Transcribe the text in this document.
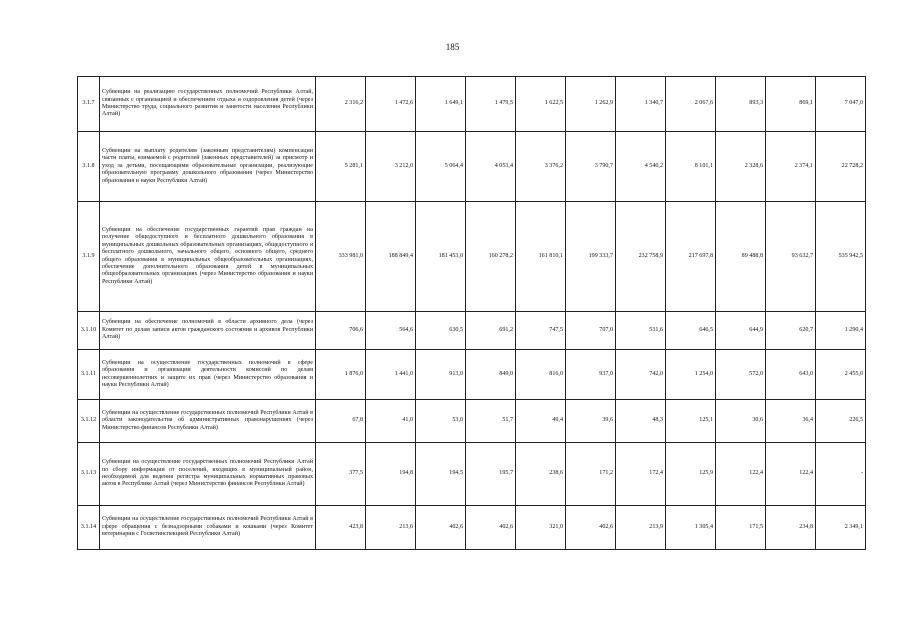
185
3.1.7	Субвенции на реализацию государственных полномочий Республики Алтай, связанных с организацией и обеспечением отдыха и оздоровления детей (через Министерство труда, социального развития и занятости населения Республики Алтай)	2 316,2	1 472,6	1 649,1	1 479,5	1 622,5	1 262,9	1 340,7	2 067,6	893,3	869,1	7 047,0
3.1.8	Субвенции на выплату родителям (законным представителям) компенсации части платы, взимаемой с родителей (законных представителей) за присмотр и уход за детьми, посещающими образовательные организации, реализующие образовательную программу дошкольного образования (через Министерство образования и науки Республики Алтай)	5 281,1	3 212,0	5 064,4	4 053,4	3 376,2	3 790,7	4 540,2	8 101,1	2 328,6	2 374,1	22 728,2
3.1.9	Субвенции на обеспечение государственных гарантий прав граждан на получение общедоступного и бесплатного дошкольного образования в муниципальных дошкольных образовательных организациях, общедоступного и бесплатного дошкольного, начального общего, основного общего, среднего общего образования в муниципальных общеобразовательных организациях, обеспечение дополнительного образования детей в муниципальных общеобразовательных организациях (через Министерство образования и науки Республики Алтай)	333 981,0	188 849,4	181 453,0	160 278,2	161 810,1	199 333,7	232 758,9	217 697,8	89 488,8	93 632,7	535 942,5
3.1.10	Субвенции на обеспечение полномочий в области архивного дела (через Комитет по делам записи актов гражданского состояния и архивов Республики Алтай)	706,6	564,6	630,5	691,2	747,5	707,0	531,6	646,5	644,9	620,7	1 290,4
3.1.11	Субвенции на осуществление государственных полномочий в сфере образования и организации деятельности комиссий по делам несовершеннолетних и защите их прав (через Министерство образования и науки Республики Алтай)	1 876,0	1 441,0	913,0	849,0	816,0	937,0	742,0	1 254,0	572,0	643,0	2 455,0
3.1.12	Субвенции на осуществление государственных полномочий Республики Алтай в области законодательства об административных правонарушениях (через Министерство финансов Республики Алтай)	67,8	41,0	53,0	51,7	49,4	39,6	48,3	125,1	30,6	36,4	226,5
3.1.13	Субвенции на осуществление государственных полномочий Республики Алтай по сбору информации от поселений, входящих в муниципальный район, необходимой для ведения регистра муниципальных нормативных правовых актов в Республике Алтай (через Министерство финансов Республики Алтай)	377,5	194,8	194,5	195,7	238,6	171,2	172,4	125,9	122,4	122,4	-
3.1.14	Субвенции на осуществление государственных полномочий Республики Алтай в сфере обращения с безнадзорными собаками и кошками (через Комитет ветеринарии с Госветинспекцией Республики Алтай)	423,8	213,6	402,6	402,6	321,0	402,6	213,9	1 305,4	171,5	234,8	2 349,1
